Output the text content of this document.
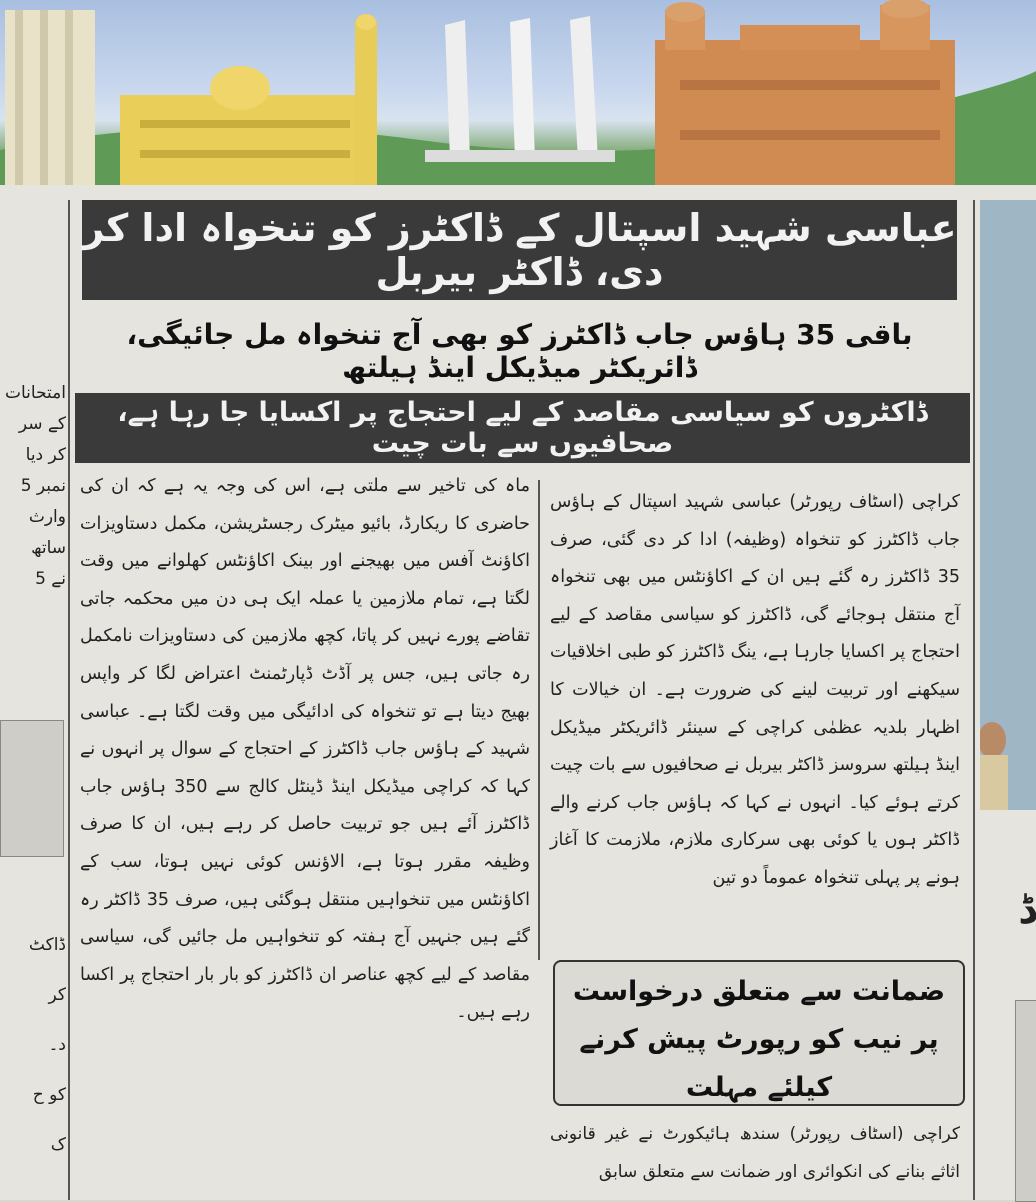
عباسی شہید اسپتال کے ڈاکٹرز کو تنخواہ ادا کر دی، ڈاکٹر بیربل
باقی 35 ہاؤس جاب ڈاکٹرز کو بھی آج تنخواہ مل جائیگی، ڈائریکٹر میڈیکل اینڈ ہیلتھ
ڈاکٹروں کو سیاسی مقاصد کے لیے احتجاج پر اکسایا جا رہا ہے، صحافیوں سے بات چیت

کراچی (اسٹاف رپورٹر) عباسی شہید اسپتال کے ہاؤس جاب ڈاکٹرز کو تنخواہ (وظیفہ) ادا کر دی گئی، صرف 35 ڈاکٹرز رہ گئے ہیں ان کے اکاؤنٹس میں بھی تنخواہ آج منتقل ہوجائے گی، ڈاکٹرز کو سیاسی مقاصد کے لیے احتجاج پر اکسایا جارہا ہے، ینگ ڈاکٹرز کو طبی اخلاقیات سیکھنے اور تربیت لینے کی ضرورت ہے۔ ان خیالات کا اظہار بلدیہ عظمٰی کراچی کے سینئر ڈائریکٹر میڈیکل اینڈ ہیلتھ سروسز ڈاکٹر بیربل نے صحافیوں سے بات چیت کرتے ہوئے کیا۔ انہوں نے کہا کہ ہاؤس جاب کرنے والے ڈاکٹر ہوں یا کوئی بھی سرکاری ملازم، ملازمت کا آغاز ہونے پر پہلی تنخواہ عموماً دو تین

ماہ کی تاخیر سے ملتی ہے، اس کی وجہ یہ ہے کہ ان کی حاضری کا ریکارڈ، بائیو میٹرک رجسٹریشن، مکمل دستاویزات اکاؤنٹ آفس میں بھیجنے اور بینک اکاؤنٹس کھلوانے میں وقت لگتا ہے، تمام ملازمین یا عملہ ایک ہی دن میں محکمہ جاتی تقاضے پورے نہیں کر پاتا، کچھ ملازمین کی دستاویزات نامکمل رہ جاتی ہیں، جس پر آڈٹ ڈپارٹمنٹ اعتراض لگا کر واپس بھیج دیتا ہے تو تنخواہ کی ادائیگی میں وقت لگتا ہے۔ عباسی شہید کے ہاؤس جاب ڈاکٹرز کے احتجاج کے سوال پر انہوں نے کہا کہ کراچی میڈیکل اینڈ ڈینٹل کالج سے 350 ہاؤس جاب ڈاکٹرز آئے ہیں جو تربیت حاصل کر رہے ہیں، ان کا صرف وظیفہ مقرر ہوتا ہے، الاؤنس کوئی نہیں ہوتا، سب کے اکاؤنٹس میں تنخواہیں منتقل ہوگئی ہیں، صرف 35 ڈاکٹر رہ گئے ہیں جنہیں آج ہفتہ کو تنخواہیں مل جائیں گی، سیاسی مقاصد کے لیے کچھ عناصر ان ڈاکٹرز کو بار بار احتجاج پر اکسا رہے ہیں۔

ضمانت سے متعلق درخواست پر نیب کو رپورٹ پیش کرنے کیلئے مہلت

کراچی (اسٹاف رپورٹر) سندھ ہائیکورٹ نے غیر قانونی اثاثے بنانے کی انکوائری اور ضمانت سے متعلق سابق

امتحانات
کے سر
کر دیا
نمبر 5
وارث
ساتھ
نے 5
ڈاکٹ
کر
د۔
کو ح
ک
ڈ
